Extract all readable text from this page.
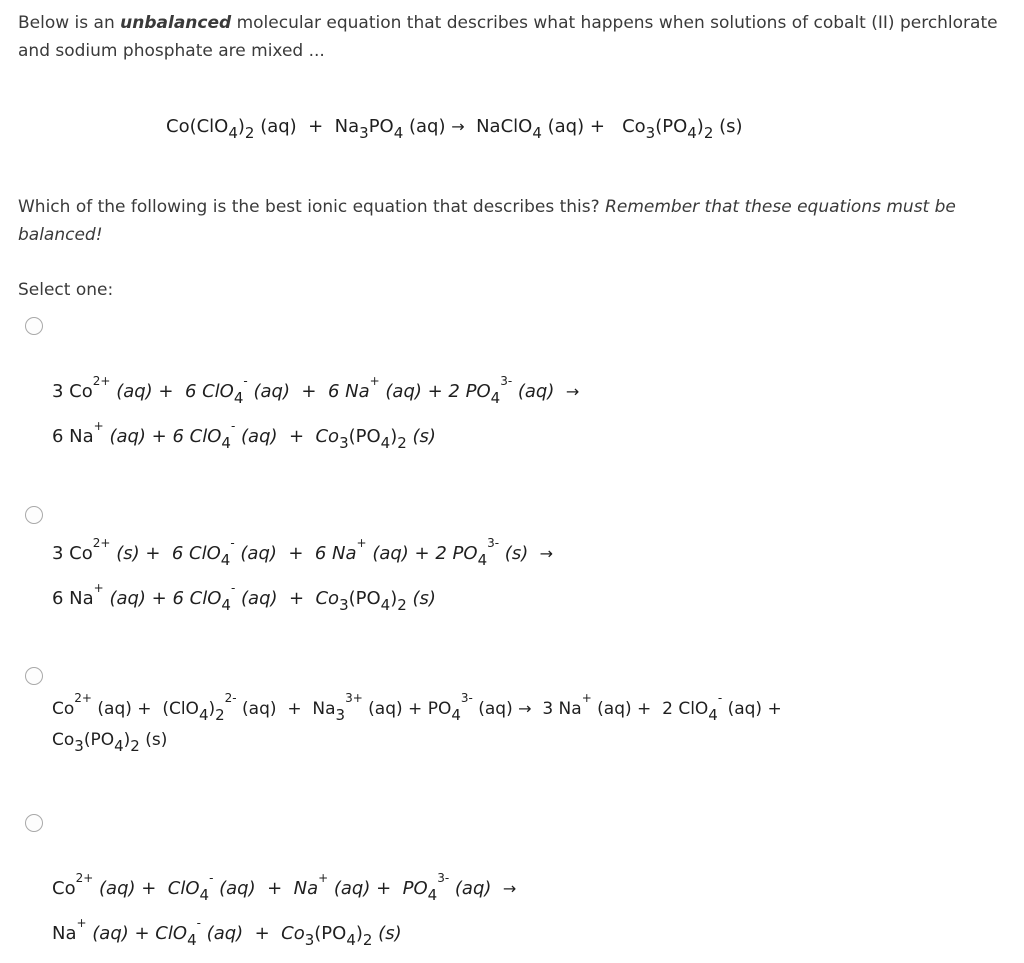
Below is an unbalanced molecular equation that describes what happens when solutions of cobalt (II) perchlorate and sodium phosphate are mixed ...
$Co(ClO_4)_2$ $(aq) + Na_3PO_4$ (aq) →  NaClO$_4$ $(aq) + Co_3(PO_4)_2$ (s)
Which of the following is the best ionic equation that describes this? Remember that these equations must be balanced!
Select one:
3 $Co^{2+}$ (aq) +  6 ClO$_4$- (aq)  +  6 Na+ (aq) + 2 $PO_4^{3-}$ (aq)  →
6 Na+ (aq) + 6 ClO$_4$- $(aq) + Co_3(PO_4)_2$ (s)
3 $Co^{2+}$ (s) +  6 ClO$_4$- (aq)  +  6 Na+ (aq) + 2 $PO_4^{3-}$ (s)  →
6 Na+ (aq) + 6 ClO$_4$- $(aq) + Co_3(PO_4)_2$ (s)
$Co^{2+}$ $(aq) + (ClO4)2^{2-}$ $(aq) + Na3^{3+}$ $(aq) + PO4^{3-}$ (aq) →  3 Na+ (aq) +  2 ClO4- (aq) +
Co3(PO4)2 (s)
$Co^{2+}$ (aq) +  ClO$_4$- (aq)  +  Na+ $(aq) + PO_4^{3-}$ (aq)  →
Na+ (aq) + ClO$_4$- $(aq) + Co_3(PO_4)_2$ (s)
